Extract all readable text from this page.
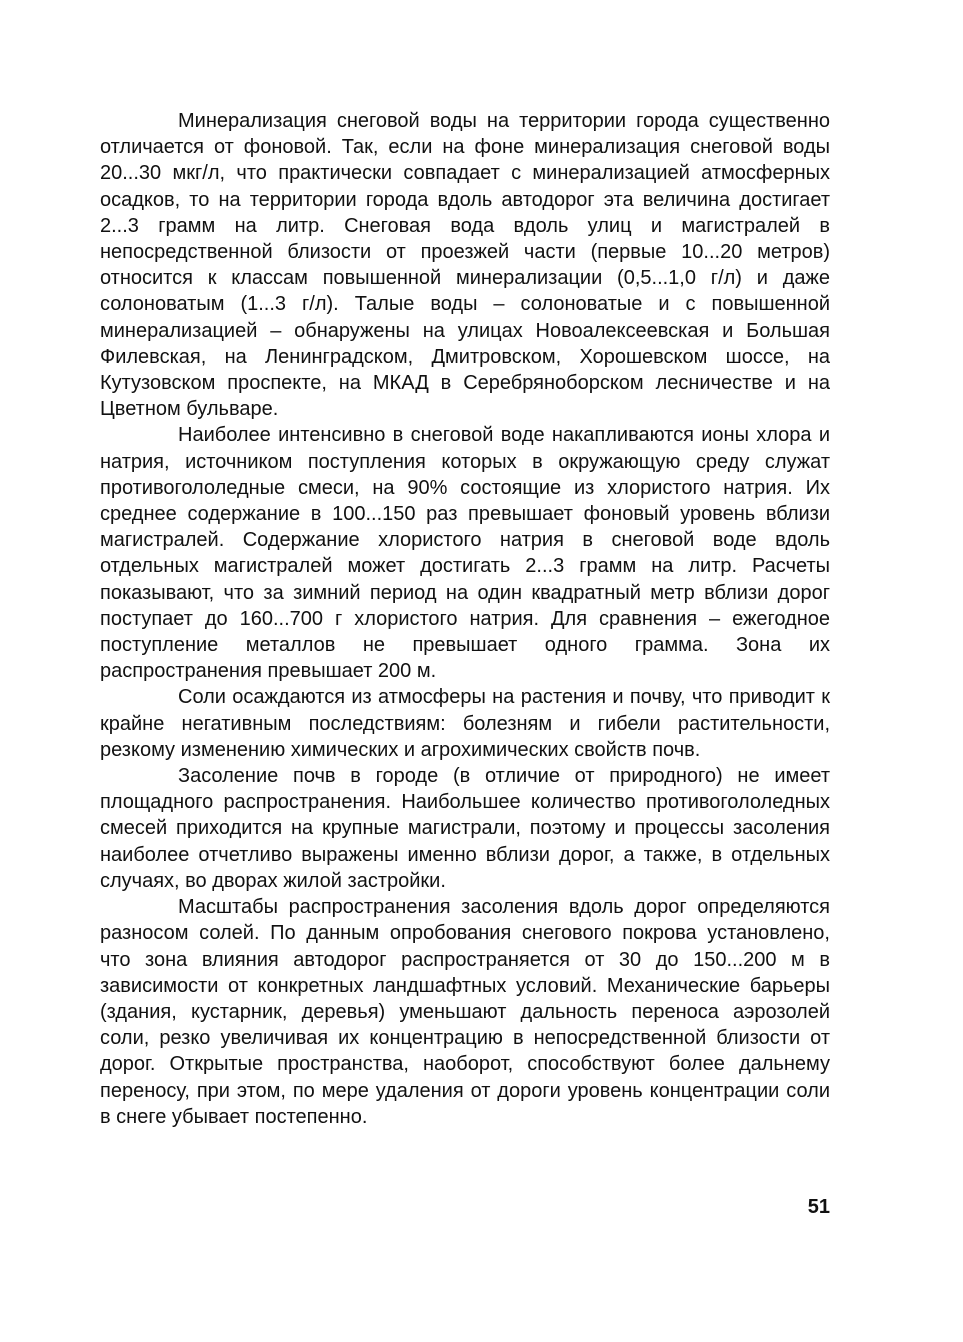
Минерализация снеговой воды на территории города существенно отличается от фоновой. Так, если на фоне минерализация снеговой воды 20...30 мкг/л, что практически совпадает с минерализацией атмосферных осадков, то на территории города вдоль автодорог эта величина достигает 2...3 грамм на литр. Снеговая вода вдоль улиц и магистралей в непосредственной близости от проезжей части (первые 10...20 метров) относится к классам повышенной минерализации (0,5...1,0 г/л) и даже солоноватым (1...3 г/л). Талые воды – солоноватые и с повышенной минерализацией – обнаружены на улицах Новоалексеевская и Большая Филевская, на Ленинградском, Дмитровском, Хорошевском шоссе, на Кутузовском проспекте, на МКАД в Серебряноборском лесничестве и на Цветном бульваре.

Наиболее интенсивно в снеговой воде накапливаются ионы хлора и натрия, источником поступления которых в окружающую среду служат противогололедные смеси, на 90% состоящие из хлористого натрия. Их среднее содержание в 100...150 раз превышает фоновый уровень вблизи магистралей. Содержание хлористого натрия в снеговой воде вдоль отдельных магистралей может достигать 2...3 грамм на литр. Расчеты показывают, что за зимний период на один квадратный метр вблизи дорог поступает до 160...700 г хлористого натрия. Для сравнения – ежегодное поступление металлов не превышает одного грамма. Зона их распространения превышает 200 м.

Соли осаждаются из атмосферы на растения и почву, что приводит к крайне негативным последствиям: болезням и гибели растительности, резкому изменению химических и агрохимических свойств почв.

Засоление почв в городе (в отличие от природного) не имеет площадного распространения. Наибольшее количество противогололедных смесей приходится на крупные магистрали, поэтому и процессы засоления наиболее отчетливо выражены именно вблизи дорог, а также, в отдельных случаях, во дворах жилой застройки.

Масштабы распространения засоления вдоль дорог определяются разносом солей. По данным опробования снегового покрова установлено, что зона влияния автодорог распространяется от 30 до 150...200 м в зависимости от конкретных ландшафтных условий. Механические барьеры (здания, кустарник, деревья) уменьшают дальность переноса аэрозолей соли, резко увеличивая их концентрацию в непосредственной близости от дорог. Открытые пространства, наоборот, способствуют более дальнему переносу, при этом, по мере удаления от дороги уровень концентрации соли в снеге убывает постепенно.

51
